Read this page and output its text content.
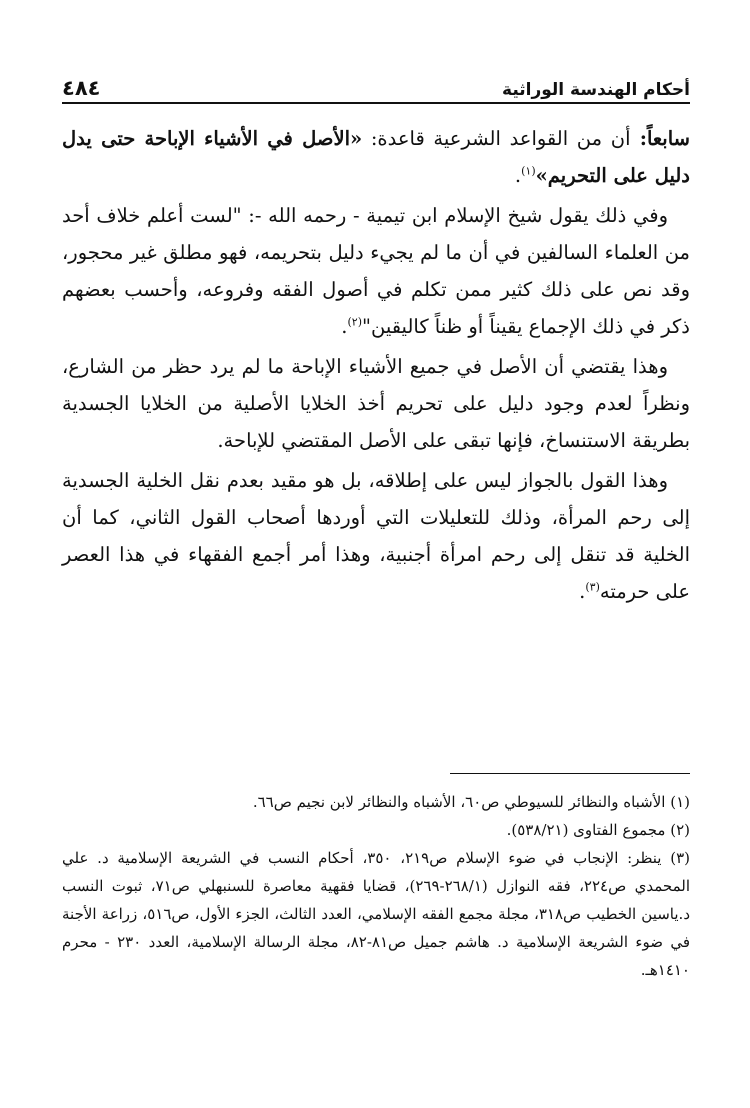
أحكام الهندسة الوراثية
٤٨٤

سابعاً: أن من القواعد الشرعية قاعدة: «الأصل في الأشياء الإباحة حتى يدل دليل على التحريم»$^{(١)}$.

وفي ذلك يقول شيخ الإسلام ابن تيمية - رحمه الله -: "لست أعلم خلاف أحد من العلماء السالفين في أن ما لم يجيء دليل بتحريمه، فهو مطلق غير محجور، وقد نص على ذلك كثير ممن تكلم في أصول الفقه وفروعه، وأحسب بعضهم ذكر في ذلك الإجماع يقيناً أو ظناً كاليقين"$^{(٢)}$.

وهذا يقتضي أن الأصل في جميع الأشياء الإباحة ما لم يرد حظر من الشارع، ونظراً لعدم وجود دليل على تحريم أخذ الخلايا الأصلية من الخلايا الجسدية بطريقة الاستنساخ، فإنها تبقى على الأصل المقتضي للإباحة.

وهذا القول بالجواز ليس على إطلاقه، بل هو مقيد بعدم نقل الخلية الجسدية إلى رحم المرأة، وذلك للتعليلات التي أوردها أصحاب القول الثاني، كما أن الخلية قد تنقل إلى رحم امرأة أجنبية، وهذا أمر أجمع الفقهاء في هذا العصر على حرمته$^{(٣)}$.

(١) الأشباه والنظائر للسيوطي ص٦٠، الأشباه والنظائر لابن نجيم ص٦٦.

(٢) مجموع الفتاوى (٥٣٨/٢١).

(٣) ينظر: الإنجاب في ضوء الإسلام ص٢١٩، ٣٥٠، أحكام النسب في الشريعة الإسلامية د. علي المحمدي ص٢٢٤، فقه النوازل (٢٦٨/١-٢٦٩)، قضايا فقهية معاصرة للسنبهلي ص٧١، ثبوت النسب د.ياسين الخطيب ص٣١٨، مجلة مجمع الفقه الإسلامي، العدد الثالث، الجزء الأول، ص٥١٦، زراعة الأجنة في ضوء الشريعة الإسلامية د. هاشم جميل ص٨١-٨٢، مجلة الرسالة الإسلامية، العدد ٢٣٠ - محرم ١٤١٠هـ.
